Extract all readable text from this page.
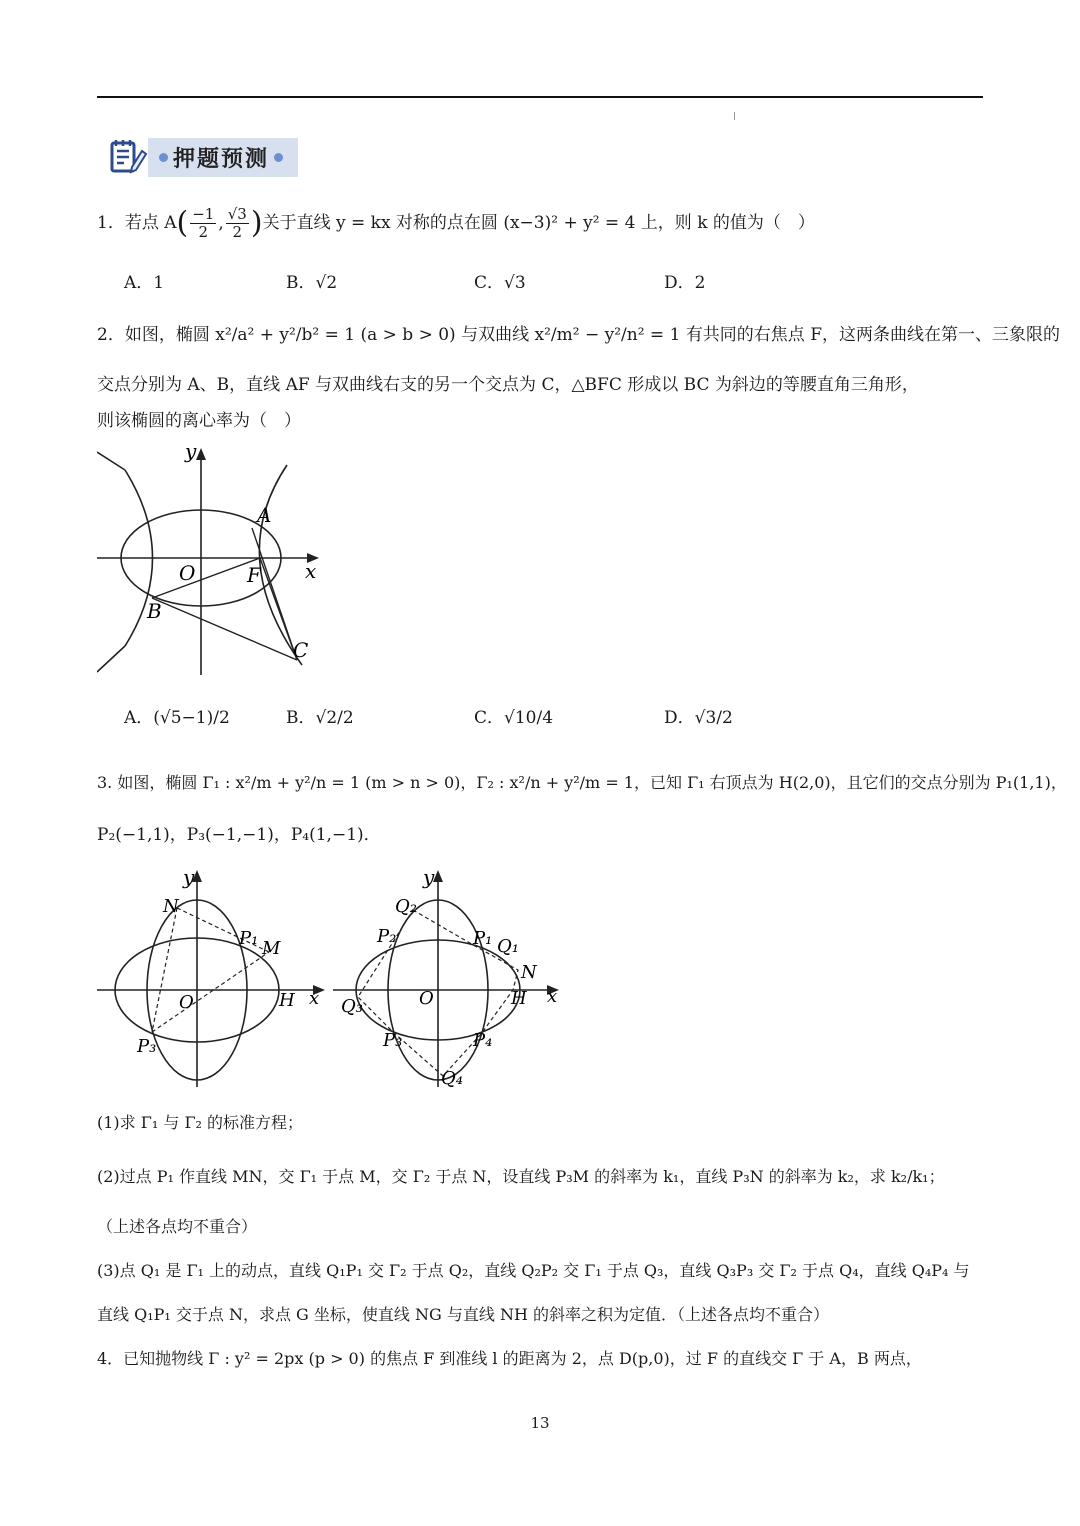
押题预测
1．若点 $A( \frac{-1}{2}$ , $\frac{√3}{2}$ )关于直线 y = kx 对称的点在圆 (x−3)² + y² = 4 上，则 k 的值为（　）
A．1	B．√2	C．√3	D．2
2．如图，椭圆 x²/a² + y²/b² = 1 (a > b > 0) 与双曲线 x²/m² − y²/n² = 1 有共同的右焦点 F，这两条曲线在第一、三象限的
交点分别为 A、B，直线 AF 与双曲线右支的另一个交点为 C，△BFC 形成以 BC 为斜边的等腰直角三角形，
则该椭圆的离心率为（　）
y
x
O	F
A
B
C
A．(√5−1)/2	B．√2/2	C．√10/4	D．√3/2
3. 如图，椭圆 Γ₁ : x²/m + y²/n = 1 (m > n > 0)，Γ₂ : x²/n + y²/m = 1，已知 Γ₁ 右顶点为 H(2,0)，且它们的交点分别为 P₁(1,1)，
P₂(−1,1)，P₃(−1,−1)，P₄(1,−1)．
y
x
N
P₁ M
O	H
P₃
y
x
Q₂
P₂	P₁ Q₁
N
Q₃	O	H
P₃	P₄
Q₄
(1)求 Γ₁ 与 Γ₂ 的标准方程；
(2)过点 P₁ 作直线 MN，交 Γ₁ 于点 M，交 Γ₂ 于点 N，设直线 P₃M 的斜率为 k₁，直线 P₃N 的斜率为 k₂，求 k₂/k₁；
（上述各点均不重合）
(3)点 Q₁ 是 Γ₁ 上的动点，直线 Q₁P₁ 交 Γ₂ 于点 Q₂，直线 Q₂P₂ 交 Γ₁ 于点 Q₃，直线 Q₃P₃ 交 Γ₂ 于点 Q₄，直线 Q₄P₄ 与
直线 Q₁P₁ 交于点 N，求点 G 坐标，使直线 NG 与直线 NH 的斜率之积为定值．（上述各点均不重合）
4．已知抛物线 Γ : y² = 2px (p > 0) 的焦点 F 到准线 l 的距离为 2，点 D(p,0)，过 F 的直线交 Γ 于 A，B 两点，
13
